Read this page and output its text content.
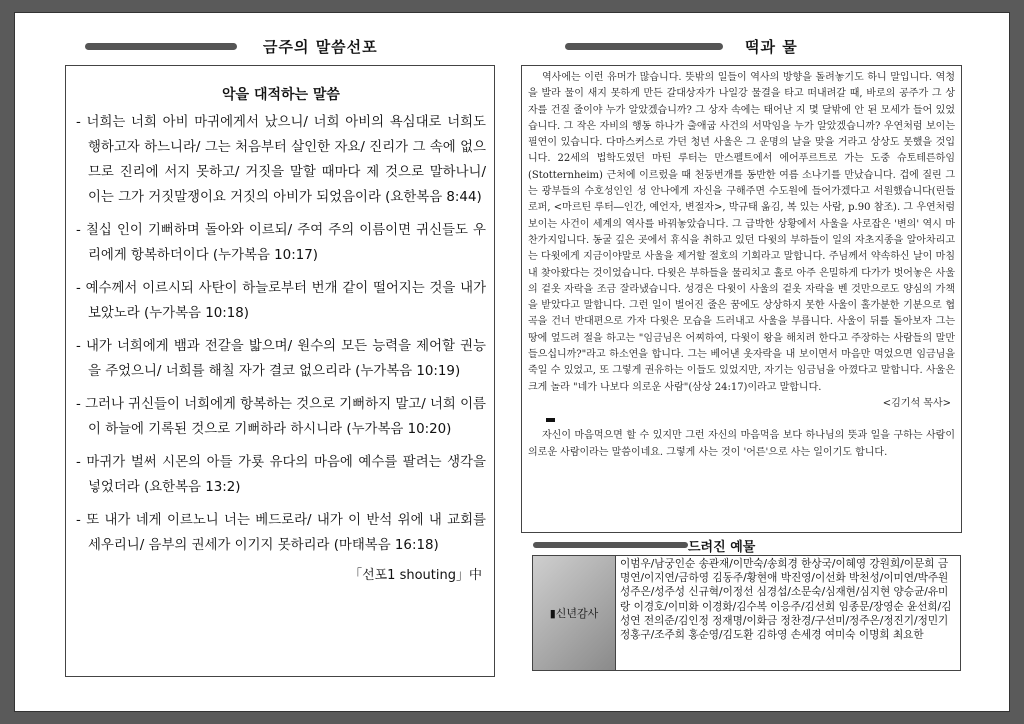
금주의 말씀선포
악을 대적하는 말씀
- 너희는 너희 아비 마귀에게서 났으니/ 너희 아비의 욕심대로 너희도 행하고자 하느니라/ 그는 처음부터 살인한 자요/ 진리가 그 속에 없으므로 진리에 서지 못하고/ 거짓을 말할 때마다 제 것으로 말하나니/ 이는 그가 거짓말쟁이요 거짓의 아비가 되었음이라 (요한복음 8:44)
- 칠십 인이 기뻐하며 돌아와 이르되/ 주여 주의 이름이면 귀신들도 우리에게 항복하더이다 (누가복음 10:17)
- 예수께서 이르시되 사탄이 하늘로부터 번개 같이 떨어지는 것을 내가 보았노라 (누가복음 10:18)
- 내가 너희에게 뱀과 전갈을 밟으며/ 원수의 모든 능력을 제어할 권능을 주었으니/ 너희를 해칠 자가 결코 없으리라 (누가복음 10:19)
- 그러나 귀신들이 너희에게 항복하는 것으로 기뻐하지 말고/ 너희 이름이 하늘에 기록된 것으로 기뻐하라 하시니라 (누가복음 10:20)
- 마귀가 벌써 시몬의 아들 가룟 유다의 마음에 예수를 팔려는 생각을 넣었더라 (요한복음 13:2)
- 또 내가 네게 이르노니 너는 베드로라/ 내가 이 반석 위에 내 교회를 세우리니/ 음부의 권세가 이기지 못하리라 (마태복음 16:18)
「선포1 shouting」中
떡과 물

역사에는 이런 유머가 많습니다. 뜻밖의 일들이 역사의 방향을 돌려놓기도 하니 말입니다. 역청을 발라 물이 새지 못하게 만든 갈대상자가 나일강 물결을 타고 떠내려갈 때, 바로의 공주가 그 상자를 건질 줄이야 누가 알았겠습니까? 그 상자 속에는 태어난 지 몇 달밖에 안 된 모세가 들어 있었습니다. 그 작은 자비의 행동 하나가 출애굽 사건의 서막임을 누가 알았겠습니까? 우연처럼 보이는 필연이 있습니다. 다마스커스로 가던 청년 사울은 그 운명의 날을 맞을 거라고 상상도 못했을 것입니다. 22세의 법학도였던 마틴 루터는 만스펠트에서 에어푸르트로 가는 도중 슈토테른하임(Stotternheim) 근처에 이르렀을 때 천둥번개를 동반한 여름 소나기를 만났습니다. 겁에 질린 그는 광부들의 수호성인인 성 안나에게 자신을 구해주면 수도원에 들어가겠다고 서원했습니다(린들 로퍼, <마르틴 루터―인간, 예언자, 변절자>, 박규태 옮김, 복 있는 사람, p.90 참조). 그 우연처럼 보이는 사건이 세계의 역사를 바꿔놓았습니다. 그 급박한 상황에서 사울을 사로잡은 '변의' 역시 마찬가지입니다. 동굴 깊은 곳에서 휴식을 취하고 있던 다윗의 부하들이 일의 자초지종을 알아차리고는 다윗에게 지금이야말로 사울을 제거할 절호의 기회라고 말합니다. 주님께서 약속하신 날이 마침내 찾아왔다는 것이었습니다. 다윗은 부하들을 물리치고 홀로 아주 은밀하게 다가가 벗어놓은 사울의 겉옷 자락을 조금 잘라냈습니다. 성경은 다윗이 사울의 겉옷 자락을 벤 것만으로도 양심의 가책을 받았다고 말합니다. 그런 일이 벌어진 줄은 꿈에도 상상하지 못한 사울이 홀가분한 기분으로 협곡을 건너 반대편으로 가자 다윗은 모습을 드러내고 사울을 부릅니다. 사울이 뒤를 돌아보자 그는 땅에 엎드려 절을 하고는 "임금님은 어찌하여, 다윗이 왕을 해치려 한다고 주장하는 사람들의 말만 들으십니까?"라고 하소연을 합니다. 그는 베어낸 옷자락을 내 보이면서 마음만 먹었으면 임금님을 죽일 수 있었고, 또 그렇게 권유하는 이들도 있었지만, 자기는 임금님을 아꼈다고 말합니다. 사울은 크게 놀라 "네가 나보다 의로운 사람"(삼상 24:17)이라고 말합니다.

<김기석 목사>

자신이 마음먹으면 할 수 있지만 그런 자신의 마음먹음 보다 하나님의 뜻과 일을 구하는 사람이 의로운 사람이라는 말씀이네요. 그렇게 사는 것이 '어른'으로 사는 일이기도 합니다.

드려진 예물
▮신년감사
이범우/남궁인순 송관재/이만숙/송희경 한상국/이혜영 강원희/이문희 금명연/이지연/금하영 김동주/황현애 박진영/이선화 박천성/이미연/박주원 성주은/성주성 신규혁/이정선 심경섭/소문숙/심재현/심지현 양승균/유미랑 이경호/이미화 이경화/김수복 이응주/김선희 임종문/장영순 윤선희/김성연 전의준/김인정 정재명/이화금 정찬경/구선미/정주은/정진기/정민기 정홍구/조주희 홍순영/김도환 김하영 손세경 여미숙 이명희 최요한
